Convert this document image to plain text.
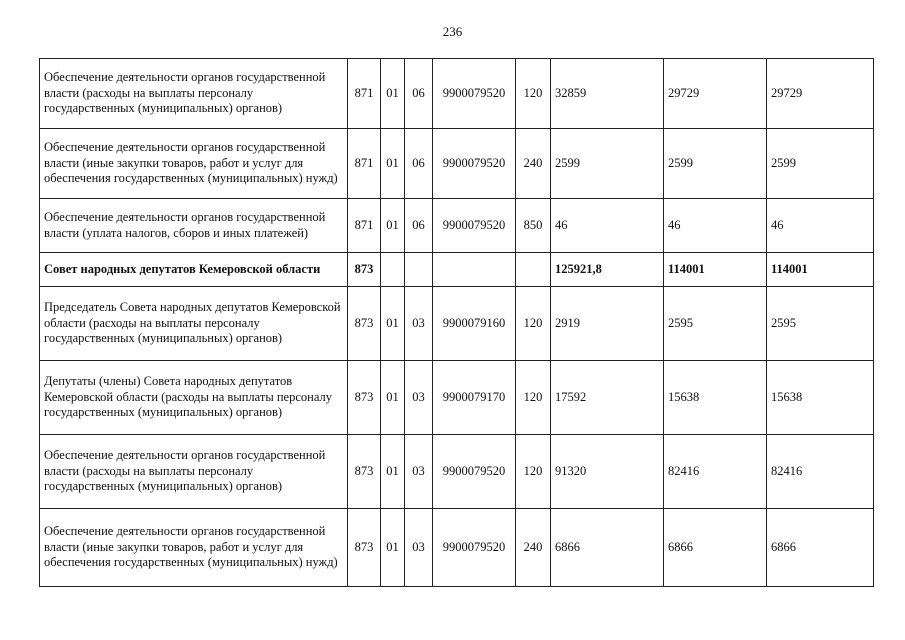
236
Обеспечение деятельности органов государственной власти (расходы на выплаты персоналу государственных (муниципальных) органов)	871	01	06	9900079520	120	32859	29729	29729
Обеспечение деятельности органов государственной власти (иные закупки товаров, работ и услуг для обеспечения государственных (муниципальных) нужд)	871	01	06	9900079520	240	2599	2599	2599
Обеспечение деятельности органов государственной власти (уплата налогов, сборов и иных платежей)	871	01	06	9900079520	850	46	46	46
Совет народных депутатов Кемеровской области	873					125921,8	114001	114001
Председатель Совета народных депутатов Кемеровской области (расходы на выплаты персоналу государственных (муниципальных) органов)	873	01	03	9900079160	120	2919	2595	2595
Депутаты (члены) Совета народных депутатов Кемеровской области (расходы на выплаты персоналу государственных (муниципальных) органов)	873	01	03	9900079170	120	17592	15638	15638
Обеспечение деятельности органов государственной власти (расходы на выплаты персоналу государственных (муниципальных) органов)	873	01	03	9900079520	120	91320	82416	82416
Обеспечение деятельности органов государственной власти (иные закупки товаров, работ и услуг для обеспечения государственных (муниципальных) нужд)	873	01	03	9900079520	240	6866	6866	6866
